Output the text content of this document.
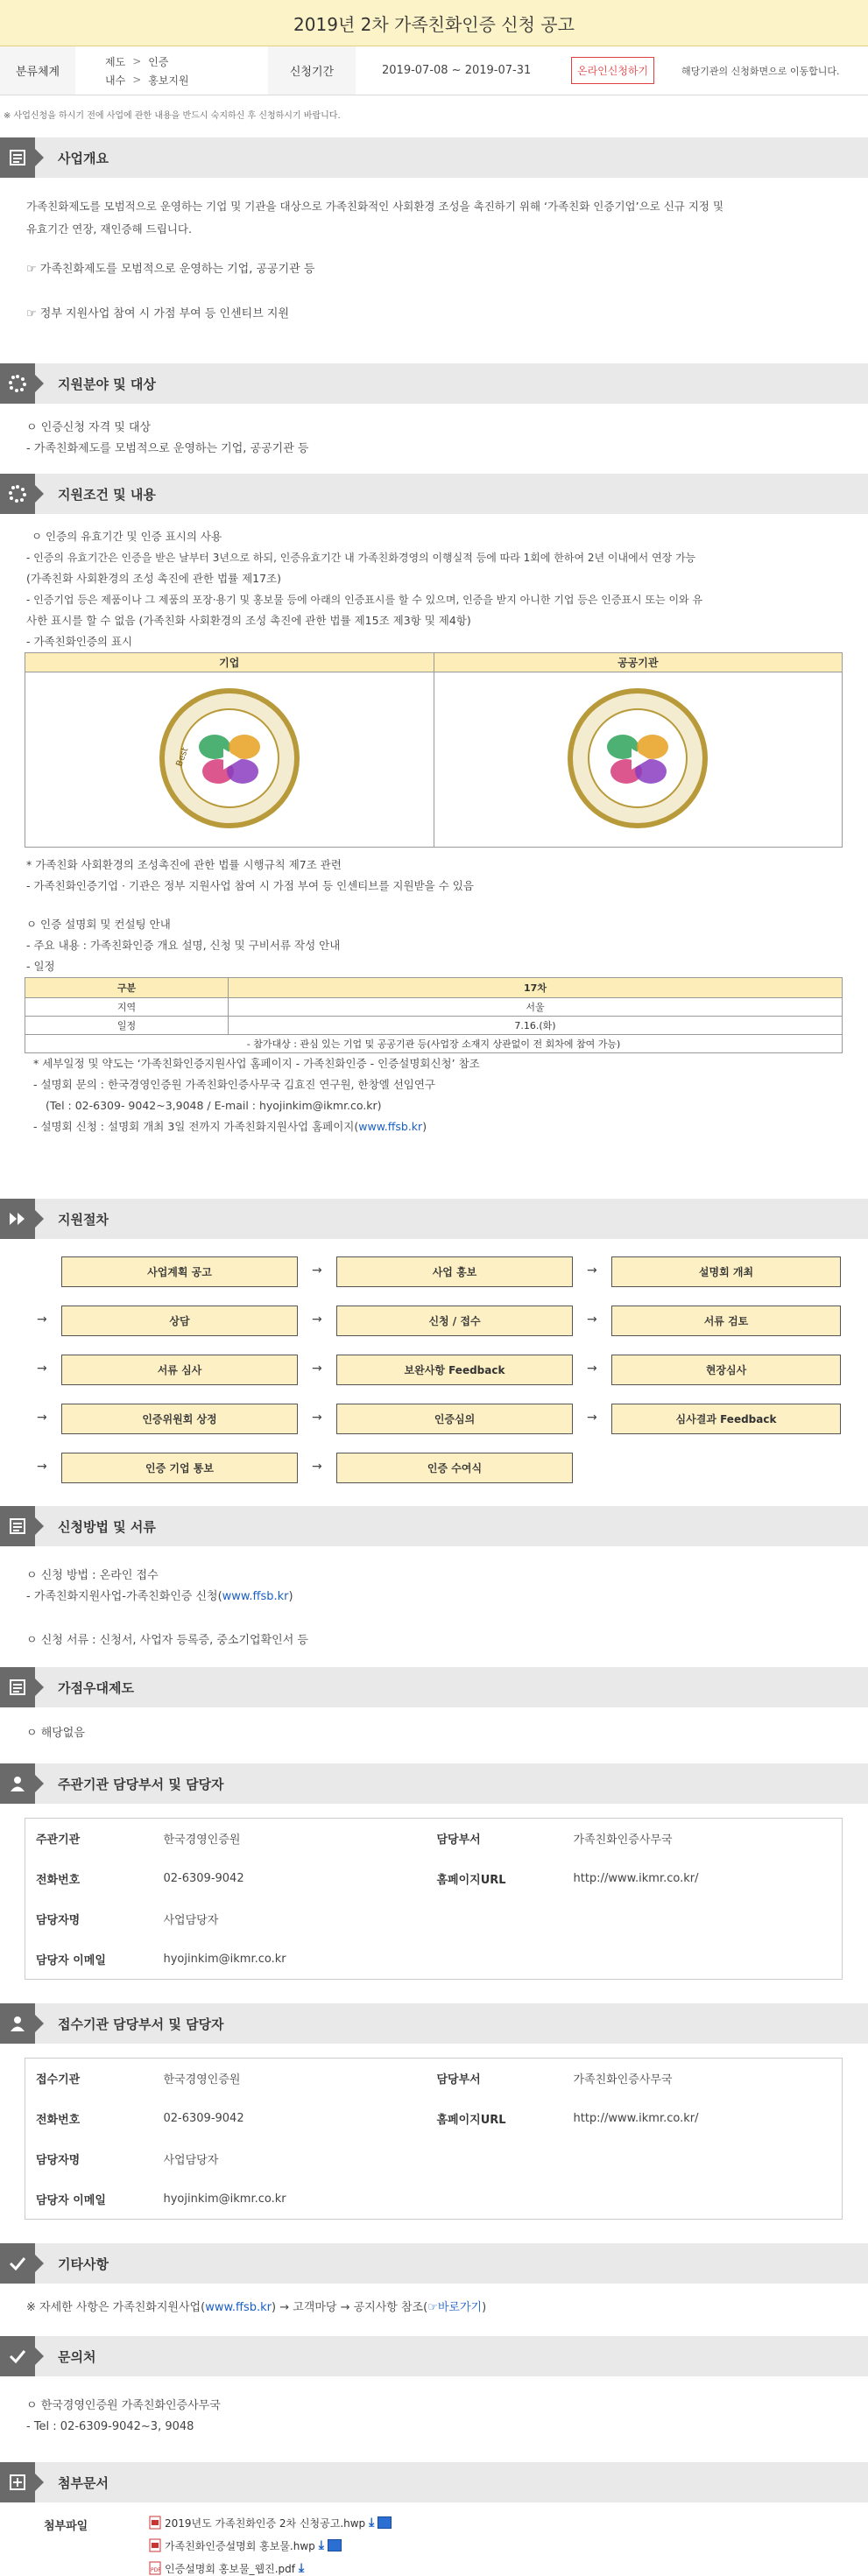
2019년 2차 가족친화인증 신청 공고
분류체계
제도 > 인증
내수 > 홍보지원
신청기간	2019-07-08 ~ 2019-07-31	온라인신청하기	해당기관의 신청화면으로 이동합니다.
※ 사업신청을 하시기 전에 사업에 관한 내용을 반드시 숙지하신 후 신청하시기 바랍니다.
사업개요
가족친화제도를 모범적으로 운영하는 기업 및 기관을 대상으로 가족친화적인 사회환경 조성을 촉진하기 위해 ‘가족친화 인증기업’으로 신규 지정 및
유효기간 연장, 재인증해 드립니다.
☞ 가족친화제도를 모범적으로 운영하는 기업, 공공기관 등
☞ 정부 지원사업 참여 시 가점 부여 등 인센티브 지원
지원분야 및 대상
ㅇ 인증신청 자격 및 대상
- 가족친화제도를 모범적으로 운영하는 기업, 공공기관 등
지원조건 및 내용
ㅇ 인증의 유효기간 및 인증 표시의 사용
- 인증의 유효기간은 인증을 받은 날부터 3년으로 하되, 인증유효기간 내 가족친화경영의 이행실적 등에 따라 1회에 한하여 2년 이내에서 연장 가능
(가족친화 사회환경의 조성 촉진에 관한 법률 제17조)
- 인증기업 등은 제품이나 그 제품의 포장·용기 및 홍보물 등에 아래의 인증표시를 할 수 있으며, 인증을 받지 아니한 기업 등은 인증표시 또는 이와 유
사한 표시를 할 수 없음 (가족친화 사회환경의 조성 촉진에 관한 법률 제15조 제3항 및 제4항)
- 가족친화인증의 표시
기업	공공기관

Best

* 가족친화 사회환경의 조성촉진에 관한 법률 시행규칙 제7조 관련
- 가족친화인증기업 · 기관은 정부 지원사업 참여 시 가점 부여 등 인센티브를 지원받을 수 있음
ㅇ 인증 설명회 및 컨설팅 안내
- 주요 내용 : 가족친화인증 개요 설명, 신청 및 구비서류 작성 안내
- 일정
구분	17차
지역	서울
일정	7.16.(화)
- 참가대상 : 관심 있는 기업 및 공공기관 등(사업장 소재지 상관없이 전 회차에 참여 가능)	
* 세부일정 및 약도는 ‘가족친화인증지원사업 홈페이지 - 가족친화인증 - 인증설명회신청’ 참조
- 설명회 문의 : 한국경영인증원 가족친화인증사무국 김효진 연구원, 한창엘 선임연구
(Tel : 02-6309- 9042~3,9048 / E-mail : hyojinkim@ikmr.co.kr)
- 설명회 신청 : 설명회 개최 3일 전까지 가족친화지원사업 홈페이지(www.ffsb.kr)
지원절차
사업계획 공고	→	사업 홍보	→	설명회 개최
→	상담	→	신청 / 접수	→	서류 검토
→	서류 심사	→	보완사항 Feedback	→	현장심사
→	인증위원회 상정	→	인증심의	→	심사결과 Feedback
→	인증 기업 통보	→	인증 수여식
신청방법 및 서류
ㅇ 신청 방법 : 온라인 접수
- 가족친화지원사업-가족친화인증 신청(www.ffsb.kr)
ㅇ 신청 서류 : 신청서, 사업자 등록증, 중소기업확인서 등
가점우대제도
ㅇ 해당없음
주관기관 담당부서 및 담당자
주관기관	한국경영인증원	담당부서	가족친화인증사무국
전화번호	02-6309-9042	홈페이지URL	http://www.ikmr.co.kr/
담당자명	사업담당자		
담당자 이메일	hyojinkim@ikmr.co.kr		
접수기관 담당부서 및 담당자
접수기관	한국경영인증원	담당부서	가족친화인증사무국
전화번호	02-6309-9042	홈페이지URL	http://www.ikmr.co.kr/
담당자명	사업담당자		
담당자 이메일	hyojinkim@ikmr.co.kr		
기타사항
※ 자세한 사항은 가족친화지원사업(www.ffsb.kr) → 고객마당 → 공지사항 참조(☞바로가기)
문의처
ㅇ 한국경영인증원 가족친화인증사무국
- Tel : 02-6309-9042~3, 9048
첨부문서
첨부파일	2019년도 가족친화인증 2차 신청공고.hwp ⤓
가족친화인증설명회 홍보물.hwp ⤓
PDF 인증설명회 홍보물_웹진.pdf ⤓
